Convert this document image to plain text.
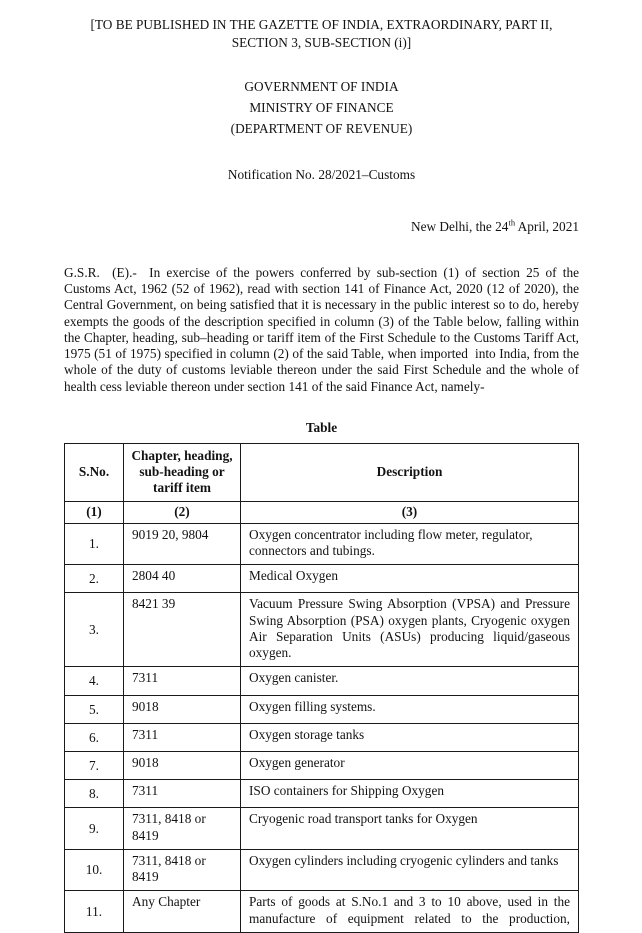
[TO BE PUBLISHED IN THE GAZETTE OF INDIA, EXTRAORDINARY, PART II, SECTION 3, SUB-SECTION (i)]

GOVERNMENT OF INDIA

MINISTRY OF FINANCE

(DEPARTMENT OF REVENUE)

Notification No. 28/2021–Customs

New Delhi, the 24th April, 2021

G.S.R.  (E).-  In exercise of the powers conferred by sub-section (1) of section 25 of the Customs Act, 1962 (52 of 1962), read with section 141 of Finance Act, 2020 (12 of 2020), the Central Government, on being satisfied that it is necessary in the public interest so to do, hereby exempts the goods of the description specified in column (3) of the Table below, falling within the Chapter, heading, sub–heading or tariff item of the First Schedule to the Customs Tariff Act, 1975 (51 of 1975) specified in column (2) of the said Table, when imported  into India, from the whole of the duty of customs leviable thereon under the said First Schedule and the whole of health cess leviable thereon under section 141 of the said Finance Act, namely-

Table

S.No.	Chapter, heading, sub-heading or tariff item	Description
(1)	(2)	(3)
1.	9019 20, 9804	Oxygen concentrator including flow meter, regulator, connectors and tubings.
2.	2804 40	Medical Oxygen
3.	8421 39	Vacuum Pressure Swing Absorption (VPSA) and Pressure Swing Absorption (PSA) oxygen plants, Cryogenic oxygen Air Separation Units (ASUs) producing liquid/gaseous oxygen.
4.	7311	Oxygen canister.
5.	9018	Oxygen filling systems.
6.	7311	Oxygen storage tanks
7.	9018	Oxygen generator
8.	7311	ISO containers for Shipping Oxygen
9.	7311, 8418 or 8419	Cryogenic road transport tanks for Oxygen
10.	7311, 8418 or 8419	Oxygen cylinders including cryogenic cylinders and tanks
11.	Any Chapter	Parts of goods at S.No.1 and 3 to 10 above, used in the manufacture of equipment related to the production,
